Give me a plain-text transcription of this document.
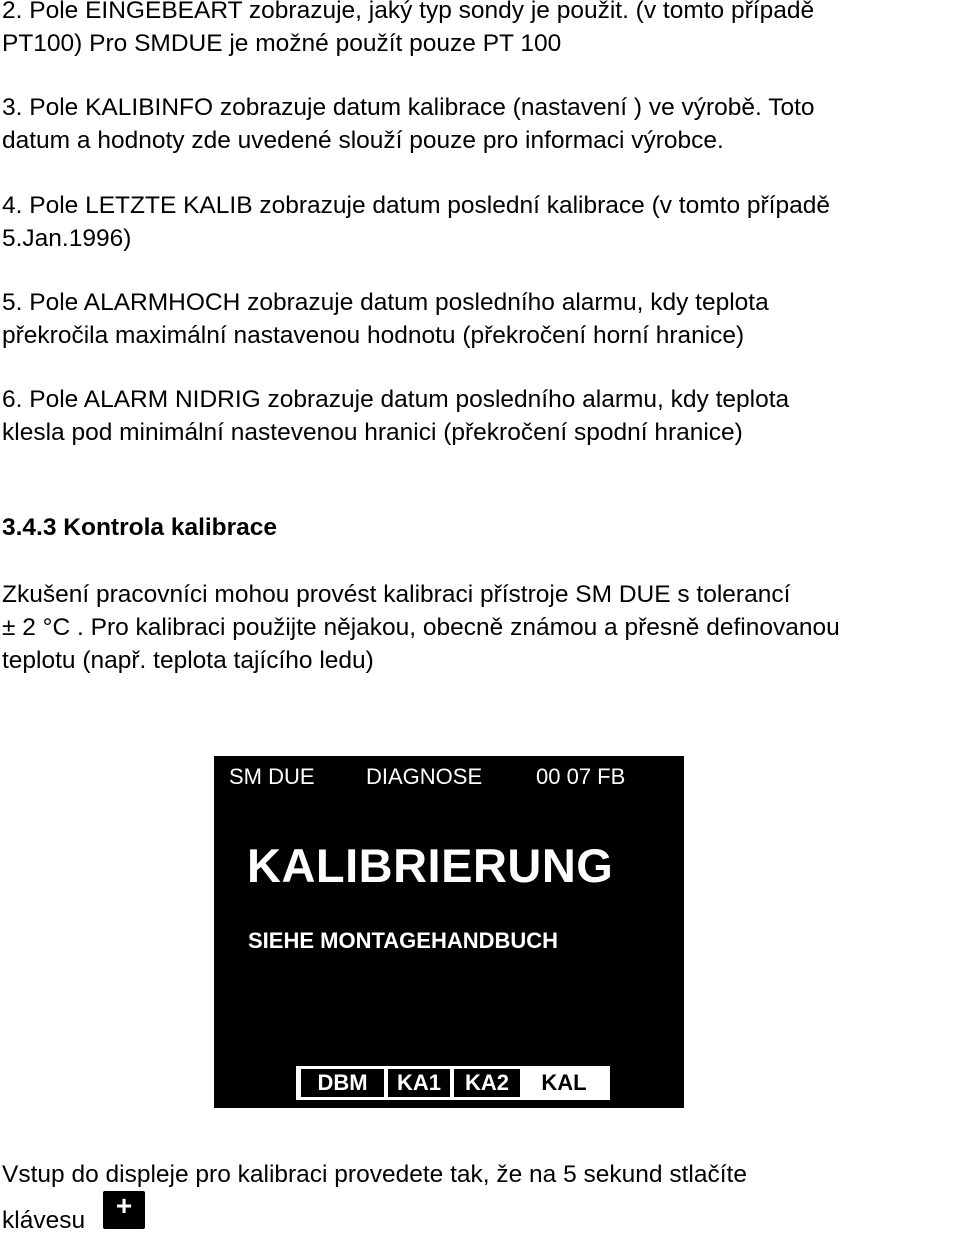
2. Pole EINGEBEART zobrazuje, jaký typ sondy je použit. (v tomto případě

PT100) Pro SMDUE je možné použít pouze PT 100

3. Pole KALIBINFO zobrazuje datum kalibrace (nastavení ) ve výrobě. Toto

datum a hodnoty zde uvedené slouží pouze pro informaci výrobce.

4. Pole LETZTE KALIB zobrazuje datum poslední kalibrace (v tomto případě

5.Jan.1996)

5. Pole ALARMHOCH zobrazuje datum posledního alarmu, kdy teplota

překročila maximální nastavenou hodnotu (překročení horní hranice)

6. Pole ALARM NIDRIG zobrazuje datum posledního alarmu, kdy teplota

klesla pod minimální nastevenou hranici (překročení spodní hranice)

3.4.3 Kontrola kalibrace

Zkušení pracovníci mohou provést kalibraci přístroje SM DUE s tolerancí

± 2 °C . Pro kalibraci použijte nějakou, obecně známou a přesně definovanou

teplotu (např. teplota tajícího ledu)

SM DUE DIAGNOSE 00 07 FB
KALIBRIERUNG
SIEHE MONTAGEHANDBUCH
DBM	KA1	KA2	KAL

Vstup do displeje pro kalibraci provedete tak, že na 5 sekund stlačíte

klávesu	+
